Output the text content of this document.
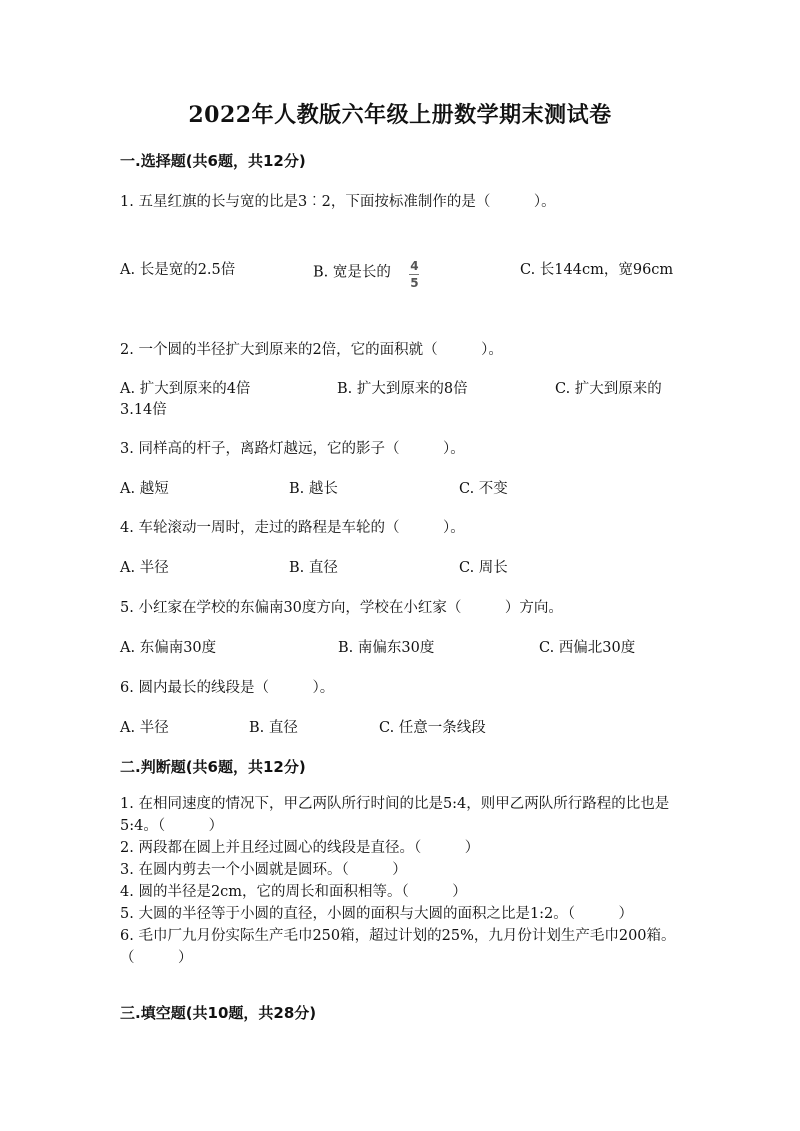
2022年人教版六年级上册数学期末测试卷
一.选择题(共6题，共12分)
1. 五星红旗的长与宽的比是3︰2，下面按标准制作的是（　　　）。
A. 长是宽的2.5倍	B. 宽是长的 $\frac{4}{5}$	C. 长144cm，宽96cm
2. 一个圆的半径扩大到原来的2倍，它的面积就（　　　）。
A. 扩大到原来的4倍	B. 扩大到原来的8倍	C. 扩大到原来的
3.14倍
3. 同样高的杆子，离路灯越远，它的影子（　　　）。
A. 越短	B. 越长	C. 不变
4. 车轮滚动一周时，走过的路程是车轮的（　　　）。
A. 半径	B. 直径	C. 周长
5. 小红家在学校的东偏南30度方向，学校在小红家（　　　）方向。
A. 东偏南30度	B. 南偏东30度	C. 西偏北30度
6. 圆内最长的线段是（　　　）。
A. 半径	B. 直径	C. 任意一条线段
二.判断题(共6题，共12分)
1. 在相同速度的情况下，甲乙两队所行时间的比是5:4，则甲乙两队所行路程的比也是5:4。（　　　）
2. 两段都在圆上并且经过圆心的线段是直径。（　　　）
3. 在圆内剪去一个小圆就是圆环。（　　　）
4. 圆的半径是2cm，它的周长和面积相等。（　　　）
5. 大圆的半径等于小圆的直径，小圆的面积与大圆的面积之比是1:2。（　　　）
6. 毛巾厂九月份实际生产毛巾250箱，超过计划的25%，九月份计划生产毛巾200箱。（　　　）
三.填空题(共10题，共28分)
